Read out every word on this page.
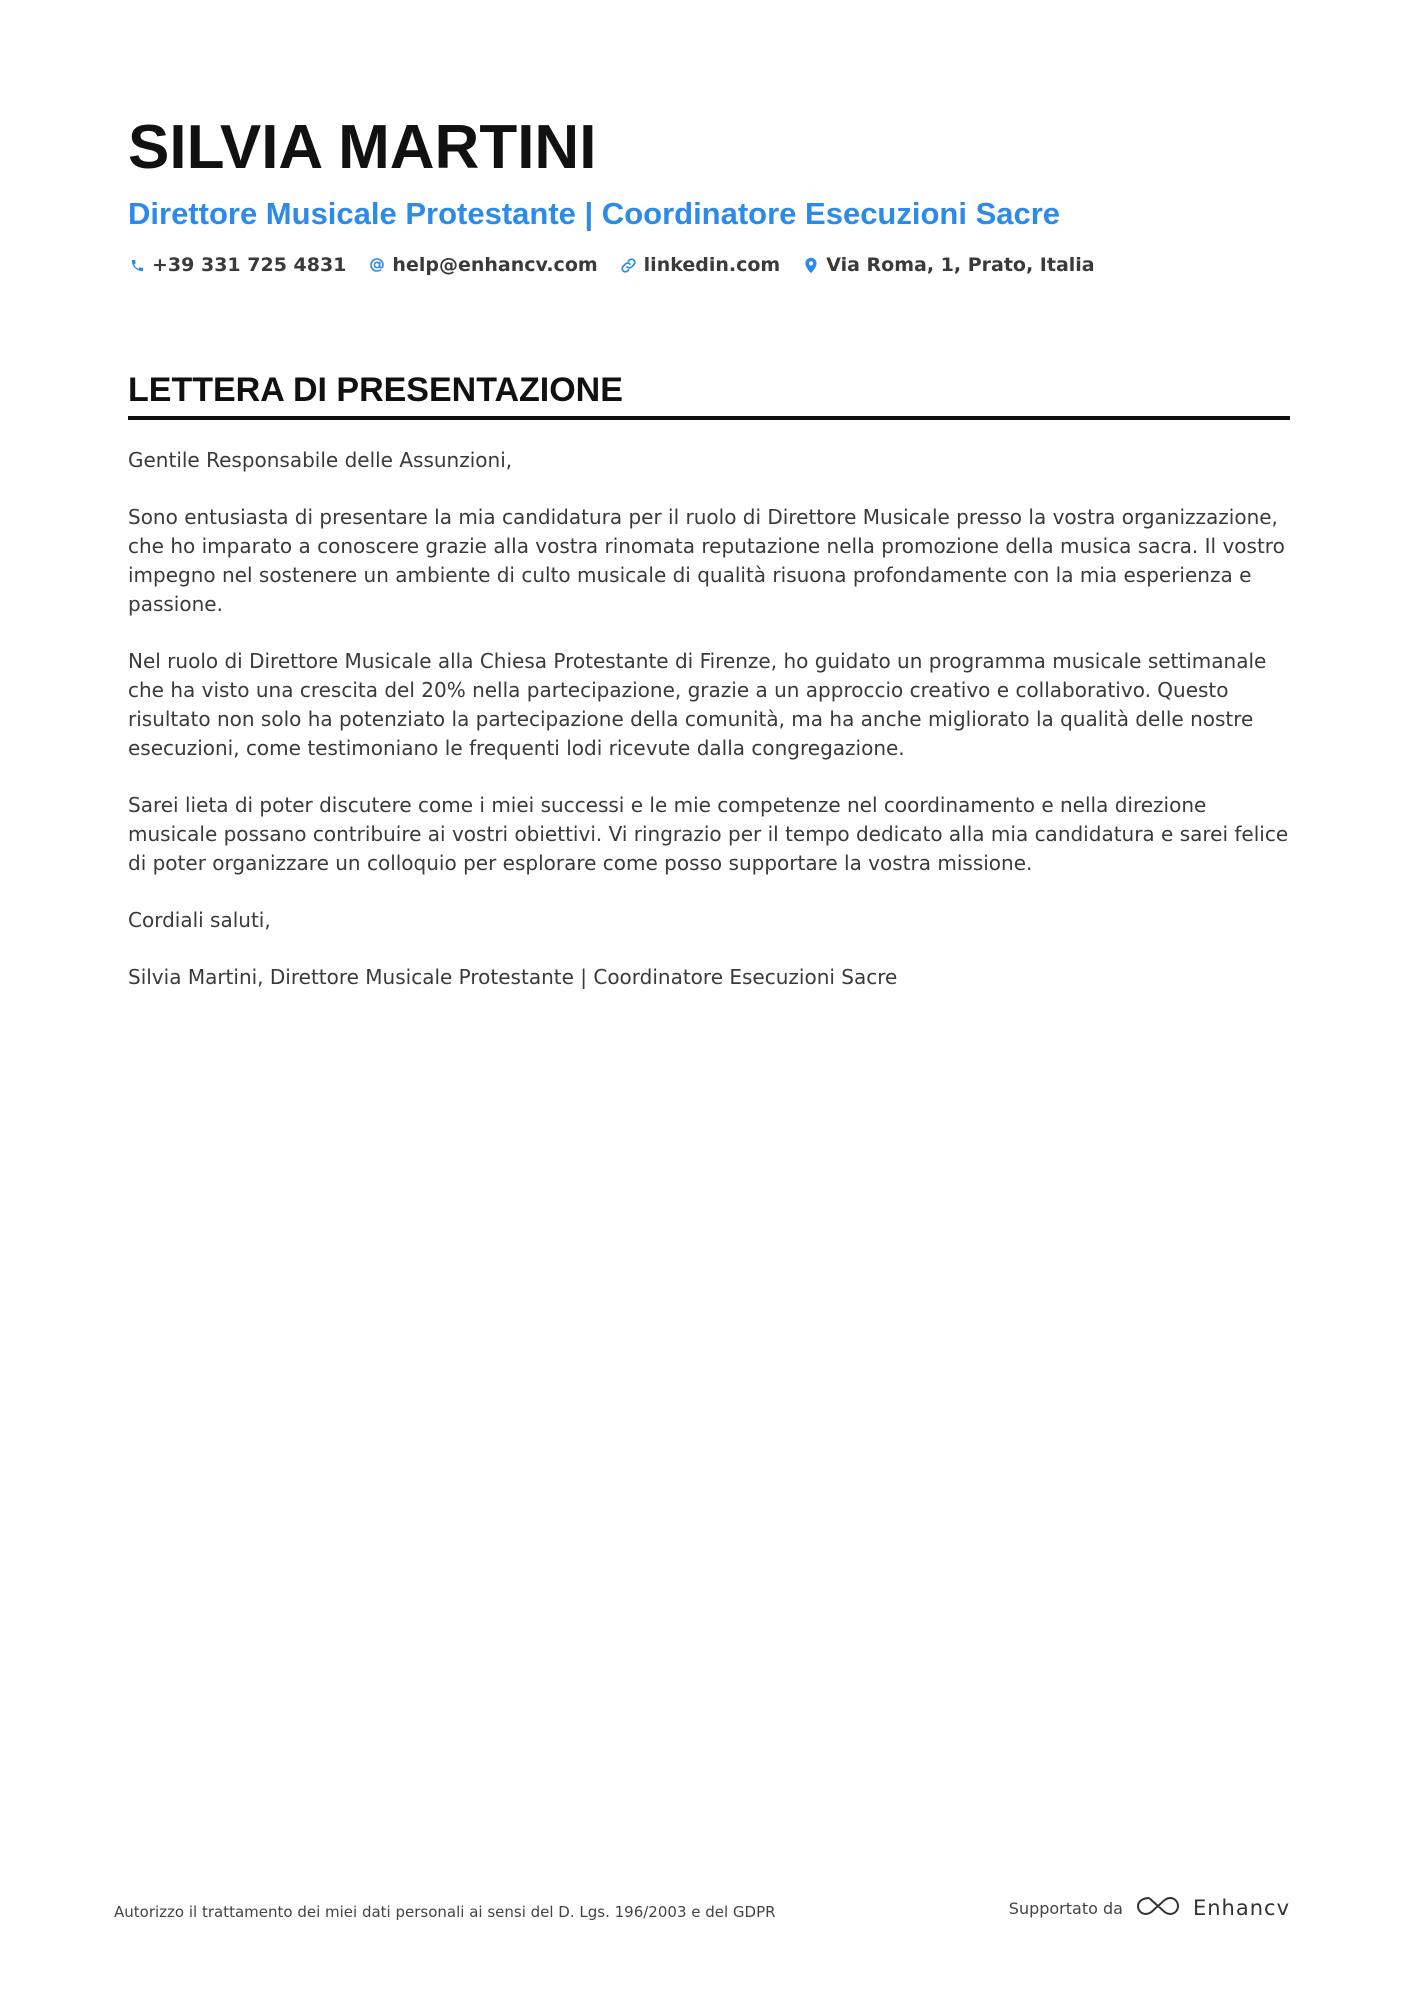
SILVIA MARTINI
Direttore Musicale Protestante | Coordinatore Esecuzioni Sacre
+39 331 725 4831 help@enhancv.com linkedin.com Via Roma, 1, Prato, Italia
LETTERA DI PRESENTAZIONE

Gentile Responsabile delle Assunzioni,

Sono entusiasta di presentare la mia candidatura per il ruolo di Direttore Musicale presso la vostra organizzazione, che ho imparato a conoscere grazie alla vostra rinomata reputazione nella promozione della musica sacra. Il vostro impegno nel sostenere un ambiente di culto musicale di qualità risuona profondamente con la mia esperienza e passione.

Nel ruolo di Direttore Musicale alla Chiesa Protestante di Firenze, ho guidato un programma musicale settimanale che ha visto una crescita del 20% nella partecipazione, grazie a un approccio creativo e collaborativo. Questo risultato non solo ha potenziato la partecipazione della comunità, ma ha anche migliorato la qualità delle nostre esecuzioni, come testimoniano le frequenti lodi ricevute dalla congregazione.

Sarei lieta di poter discutere come i miei successi e le mie competenze nel coordinamento e nella direzione musicale possano contribuire ai vostri obiettivi. Vi ringrazio per il tempo dedicato alla mia candidatura e sarei felice di poter organizzare un colloquio per esplorare come posso supportare la vostra missione.

Cordiali saluti,

Silvia Martini, Direttore Musicale Protestante | Coordinatore Esecuzioni Sacre

Autorizzo il trattamento dei miei dati personali ai sensi del D. Lgs. 196/2003 e del GDPR	Supportato da	Enhancv
